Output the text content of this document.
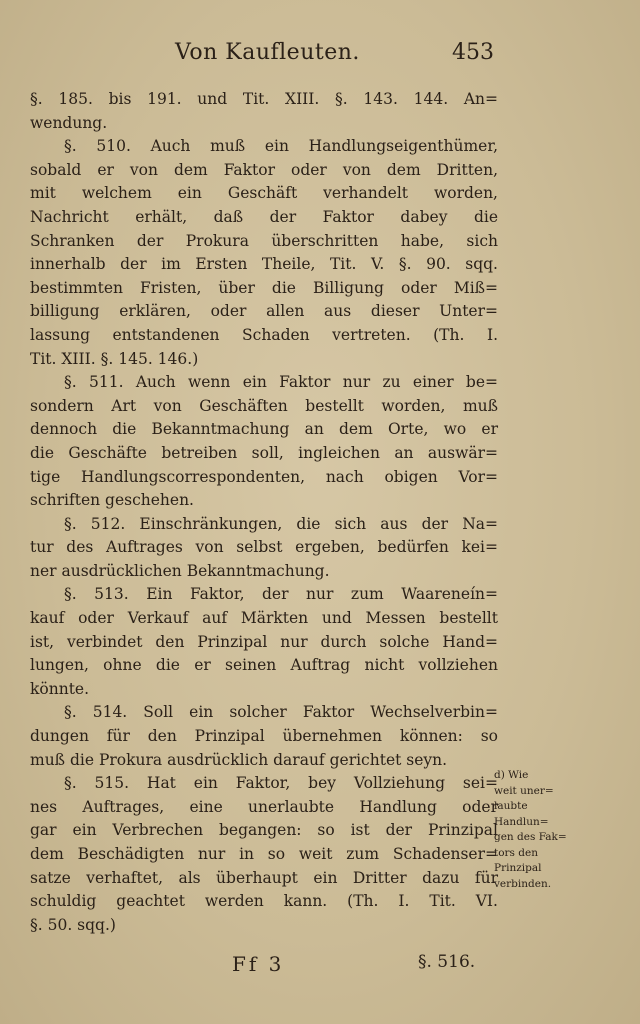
Von Kaufleuten.	453
§. 185. bis 191. und Tit. XIII. §. 143. 144. An=
wendung.
§. 510. Auch muß ein Handlungseigenthümer,
sobald er von dem Faktor oder von dem Dritten,
mit welchem ein Geschäft verhandelt worden,
Nachricht erhält, daß der Faktor dabey die
Schranken der Prokura überschritten habe, sich
innerhalb der im Ersten Theile, Tit. V. §. 90. sqq.
bestimmten Fristen, über die Billigung oder Miß=
billigung erklären, oder allen aus dieser Unter=
lassung entstandenen Schaden vertreten. (Th. I.
Tit. XIII. §. 145. 146.)
§. 511. Auch wenn ein Faktor nur zu einer be=
sondern Art von Geschäften bestellt worden, muß
dennoch die Bekanntmachung an dem Orte, wo er
die Geschäfte betreiben soll, ingleichen an auswär=
tige Handlungscorrespondenten, nach obigen Vor=
schriften geschehen.
§. 512. Einschränkungen, die sich aus der Na=
tur des Auftrages von selbst ergeben, bedürfen kei=
ner ausdrücklichen Bekanntmachung.
§. 513. Ein Faktor, der nur zum Waareneín=
kauf oder Verkauf auf Märkten und Messen bestellt
ist, verbindet den Prinzipal nur durch solche Hand=
lungen, ohne die er seinen Auftrag nicht vollziehen
könnte.
§. 514. Soll ein solcher Faktor Wechselverbin=
dungen für den Prinzipal übernehmen können: so
muß die Prokura ausdrücklich darauf gerichtet seyn.
§. 515. Hat ein Faktor, bey Vollziehung sei=
nes Auftrages, eine unerlaubte Handlung oder
gar ein Verbrechen begangen: so ist der Prinzipal
dem Beschädigten nur in so weit zum Schadenser=
satze verhaftet, als überhaupt ein Dritter dazu für
schuldig geachtet werden kann. (Th. I. Tit. VI.
§. 50. sqq.)
d) Wie
weit uner=
laubte
Handlun=
gen des Fak=
tors den
Prinzipal
verbinden.
Ff 3	§. 516.
